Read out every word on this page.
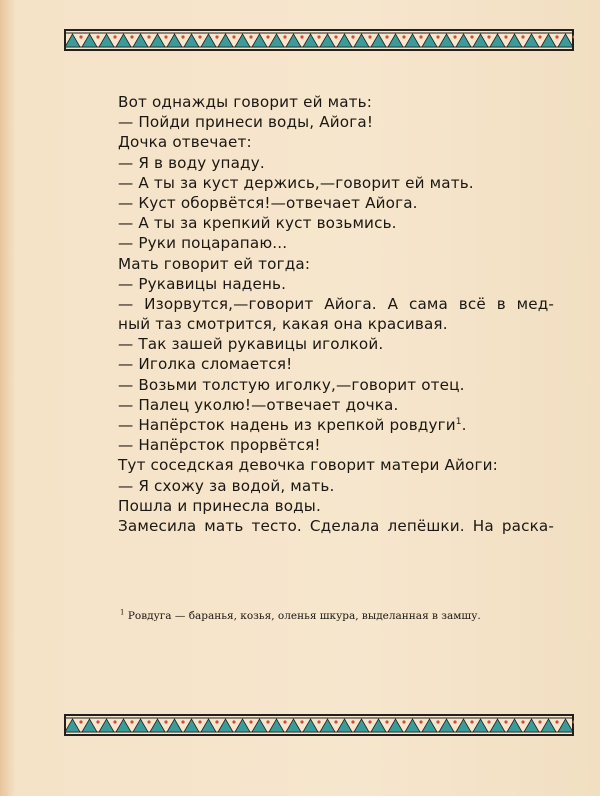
Вот однажды говорит ей мать:
— Пойди принеси воды, Айога!
Дочка отвечает:
— Я в воду упаду.
— А ты за куст держись,—говорит ей мать.
— Куст оборвётся!—отвечает Айога.
— А ты за крепкий куст возьмись.
— Руки поцарапаю...
Мать говорит ей тогда:
— Рукавицы надень.
— Изорвутся,—говорит Айога. А сама всё в мед-
ный таз смотрится, какая она красивая.
— Так зашей рукавицы иголкой.
— Иголка сломается!
— Возьми толстую иголку,—говорит отец.
— Палец уколю!—отвечает дочка.
— Напёрсток надень из крепкой ровдуги$^1$.
— Напёрсток прорвётся!
Тут соседская девочка говорит матери Айоги:
— Я схожу за водой, мать.
Пошла и принесла воды.
Замесила мать тесто. Сделала лепёшки. На раска-
$^1$ Ровдуга — баранья, козья, оленья шкура, выделанная в замшу.
